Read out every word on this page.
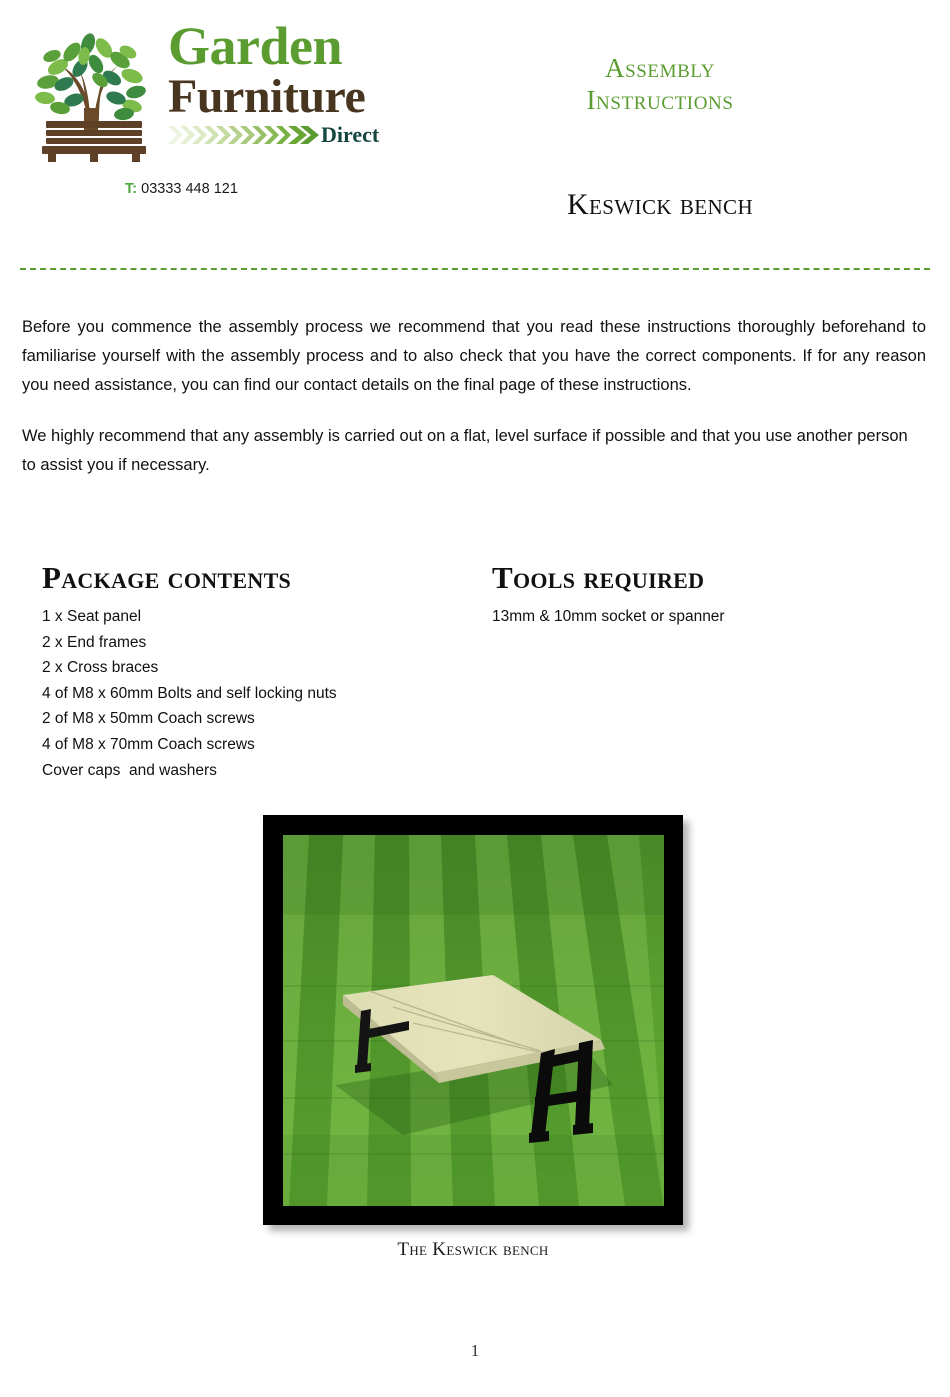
Garden
Furniture
Direct
T: 03333 448 121
Assembly
Instructions
Keswick bench

Before you commence the assembly process we recommend that you read these instructions thoroughly beforehand to familiarise yourself with the assembly process and to also check that you have the correct components. If for any reason you need assistance, you can find our contact details on the final page of these instructions.

We highly recommend that any assembly is carried out on a flat, level surface if possible and that you use another person to assist you if necessary.

Package contents
1 x Seat panel
2 x End frames
2 x Cross braces
4 of M8 x 60mm Bolts and self locking nuts
2 of M8 x 50mm Coach screws
4 of M8 x 70mm Coach screws
Cover caps  and washers
Tools required
13mm & 10mm socket or spanner
The Keswick bench
1
